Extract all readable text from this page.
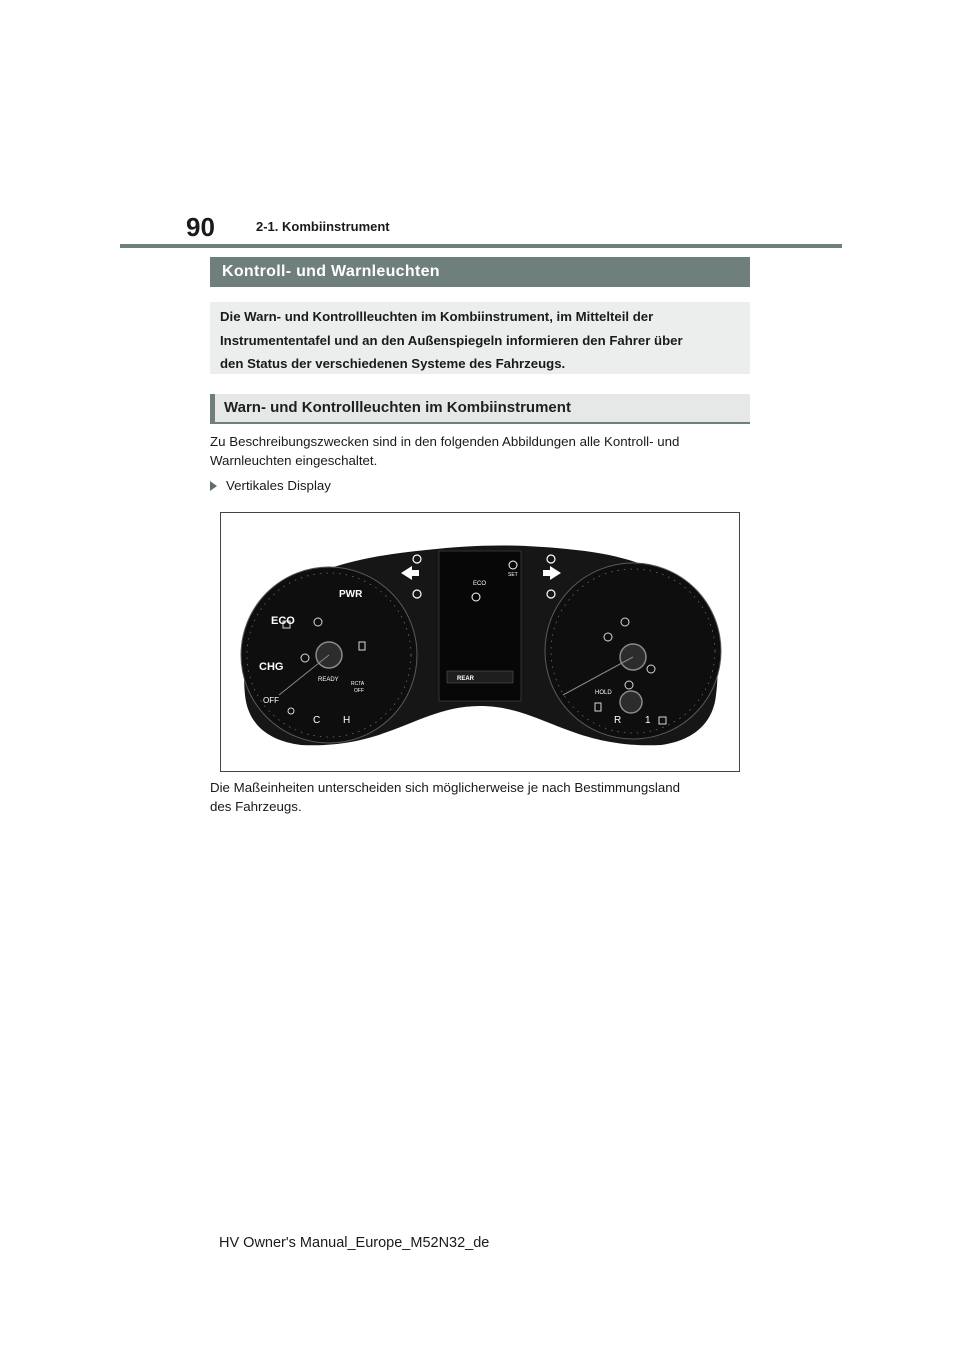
90	2-1. Kombiinstrument
Kontroll- und Warnleuchten
Die Warn- und Kontrollleuchten im Kombiinstrument, im Mittelteil der
Instrumententafel und an den Außenspiegeln informieren den Fahrer über
den Status der verschiedenen Systeme des Fahrzeugs.
Warn- und Kontrollleuchten im Kombiinstrument
Zu Beschreibungszwecken sind in den folgenden Abbildungen alle Kontroll- und
Warnleuchten eingeschaltet.
Vertikales Display
ECO
PWR
CHG
OFF
C H
READY
RCTA
OFF
ECO
SET
REAR
HOLD
R 1
Die Maßeinheiten unterscheiden sich möglicherweise je nach Bestimmungsland
des Fahrzeugs.
HV Owner's Manual_Europe_M52N32_de
